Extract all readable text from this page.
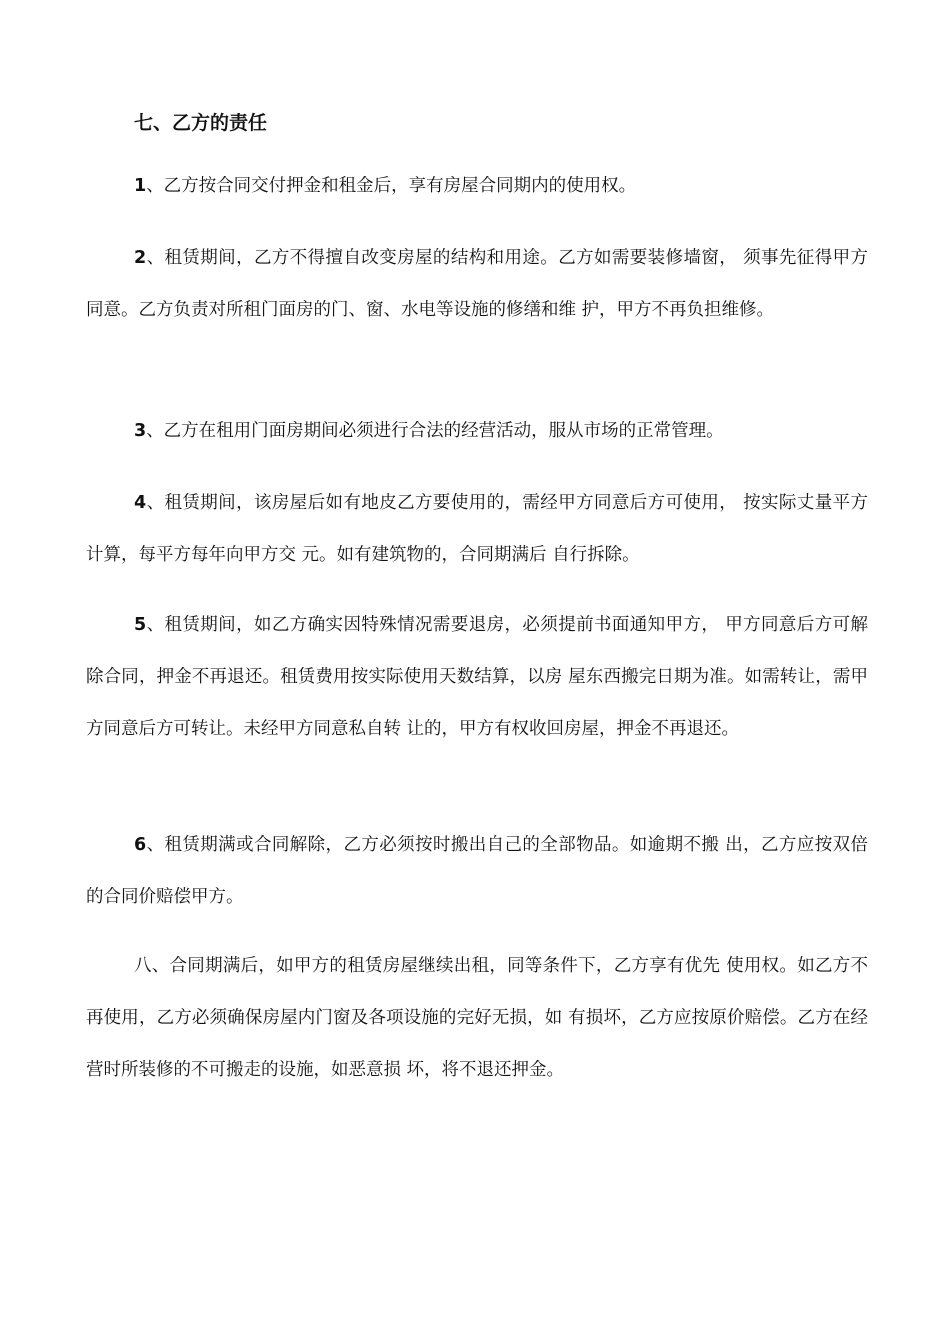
七、乙方的责任

1、乙方按合同交付押金和租金后，享有房屋合同期内的使用权。

2、租赁期间，乙方不得擅自改变房屋的结构和用途。乙方如需要装修墙窗， 须事先征得甲方同意。乙方负责对所租门面房的门、窗、水电等设施的修缮和维 护，甲方不再负担维修。

3、乙方在租用门面房期间必须进行合法的经营活动，服从市场的正常管理。

4、租赁期间，该房屋后如有地皮乙方要使用的，需经甲方同意后方可使用， 按实际丈量平方计算，每平方每年向甲方交 元。如有建筑物的，合同期满后 自行拆除。

5、租赁期间，如乙方确实因特殊情况需要退房，必须提前书面通知甲方， 甲方同意后方可解除合同，押金不再退还。租赁费用按实际使用天数结算，以房 屋东西搬完日期为准。如需转让，需甲方同意后方可转让。未经甲方同意私自转 让的，甲方有权收回房屋，押金不再退还。

6、租赁期满或合同解除，乙方必须按时搬出自己的全部物品。如逾期不搬 出，乙方应按双倍的合同价赔偿甲方。

八、合同期满后，如甲方的租赁房屋继续出租，同等条件下，乙方享有优先 使用权。如乙方不再使用，乙方必须确保房屋内门窗及各项设施的完好无损，如 有损坏，乙方应按原价赔偿。乙方在经营时所装修的不可搬走的设施，如恶意损 坏，将不退还押金。
